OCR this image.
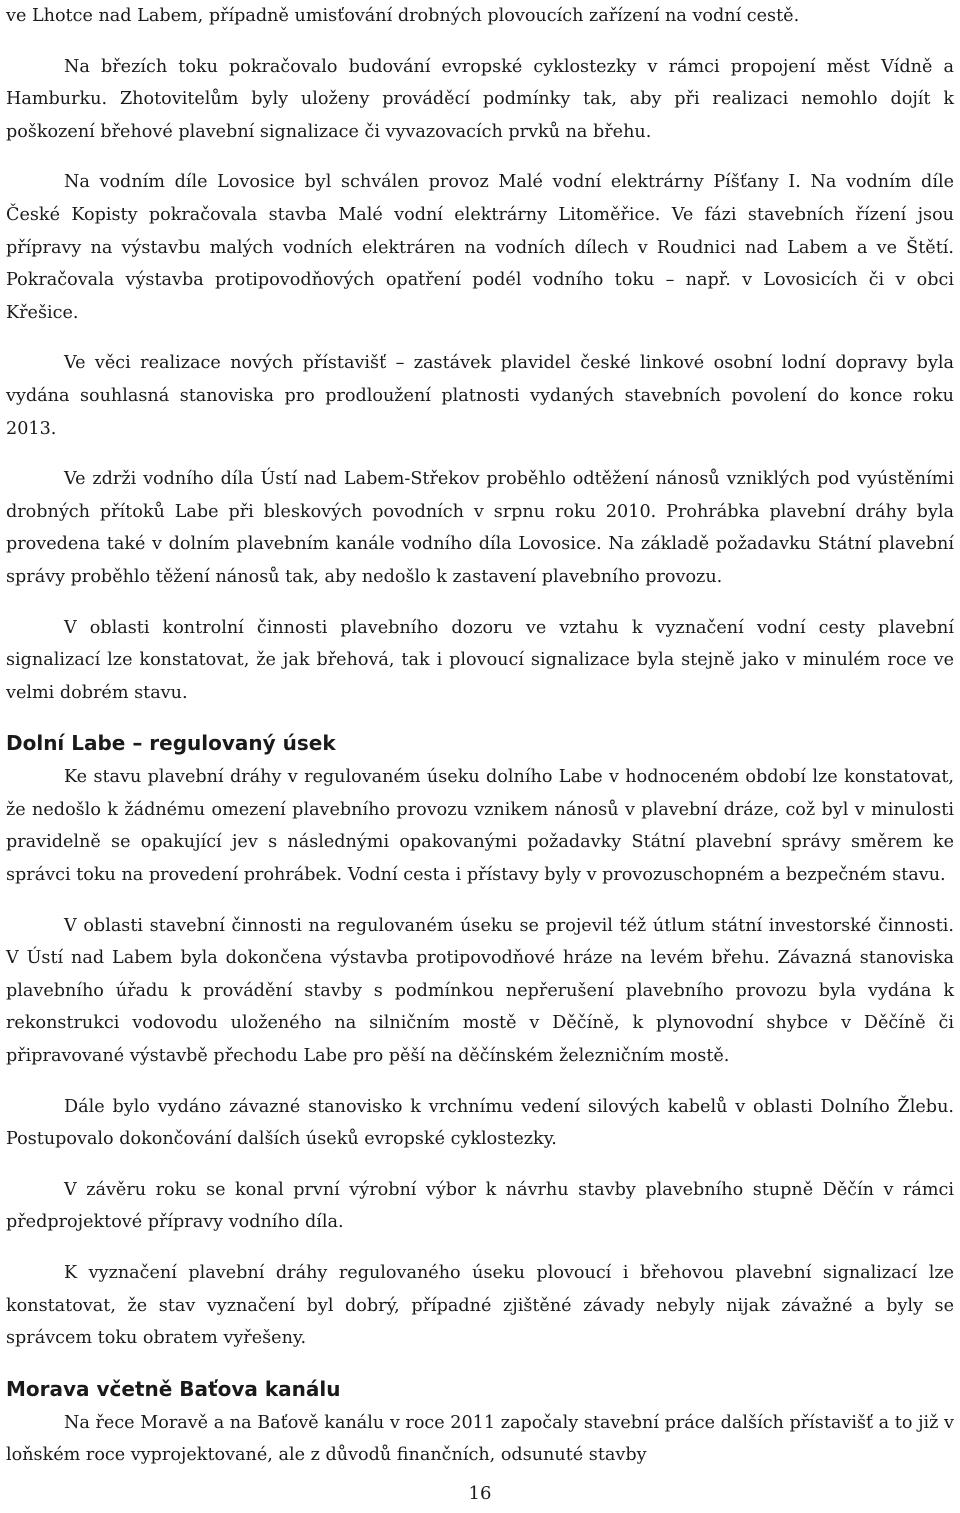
ve Lhotce nad Labem, případně umisťování drobných plovoucích zařízení na vodní cestě.

Na březích toku pokračovalo budování evropské cyklostezky v rámci propojení měst Vídně a Hamburku. Zhotovitelům byly uloženy prováděcí podmínky tak, aby při realizaci nemohlo dojít k poškození břehové plavební signalizace či vyvazovacích prvků na břehu.

Na vodním díle Lovosice byl schválen provoz Malé vodní elektrárny Píšťany I. Na vodním díle České Kopisty pokračovala stavba Malé vodní elektrárny Litoměřice. Ve fázi stavebních řízení jsou přípravy na výstavbu malých vodních elektráren na vodních dílech v Roudnici nad Labem a ve Štětí. Pokračovala výstavba protipovodňových opatření podél vodního toku – např. v Lovosicích či v obci Křešice.

Ve věci realizace nových přístavišť – zastávek plavidel české linkové osobní lodní dopravy byla vydána souhlasná stanoviska pro prodloužení platnosti vydaných stavebních povolení do konce roku 2013.

Ve zdrži vodního díla Ústí nad Labem-Střekov proběhlo odtěžení nánosů vzniklých pod vyústěními drobných přítoků Labe při bleskových povodních v srpnu roku 2010. Prohrábka plavební dráhy byla provedena také v dolním plavebním kanále vodního díla Lovosice. Na základě požadavku Státní plavební správy proběhlo těžení nánosů tak, aby nedošlo k zastavení plavebního provozu.

V oblasti kontrolní činnosti plavebního dozoru ve vztahu k vyznačení vodní cesty plavební signalizací lze konstatovat, že jak břehová, tak i plovoucí signalizace byla stejně jako v minulém roce ve velmi dobrém stavu.

Dolní Labe – regulovaný úsek

Ke stavu plavební dráhy v regulovaném úseku dolního Labe v hodnoceném období lze konstatovat, že nedošlo k žádnému omezení plavebního provozu vznikem nánosů v plavební dráze, což byl v minulosti pravidelně se opakující jev s následnými opakovanými požadavky Státní plavební správy směrem ke správci toku na provedení prohrábek. Vodní cesta i přístavy byly v provozuschopném a bezpečném stavu.

V oblasti stavební činnosti na regulovaném úseku se projevil též útlum státní investorské činnosti. V Ústí nad Labem byla dokončena výstavba protipovodňové hráze na levém břehu. Závazná stanoviska plavebního úřadu k provádění stavby s podmínkou nepřerušení plavebního provozu byla vydána k rekonstrukci vodovodu uloženého na silničním mostě v Děčíně, k plynovodní shybce v Děčíně či připravované výstavbě přechodu Labe pro pěší na děčínském železničním mostě.

Dále bylo vydáno závazné stanovisko k vrchnímu vedení silových kabelů v oblasti Dolního Žlebu. Postupovalo dokončování dalších úseků evropské cyklostezky.

V závěru roku se konal první výrobní výbor k návrhu stavby plavebního stupně Děčín v rámci předprojektové přípravy vodního díla.

K vyznačení plavební dráhy regulovaného úseku plovoucí i břehovou plavební signalizací lze konstatovat, že stav vyznačení byl dobrý, případné zjištěné závady nebyly nijak závažné a byly se správcem toku obratem vyřešeny.

Morava včetně Baťova kanálu

Na řece Moravě a na Baťově kanálu v roce 2011 započaly stavební práce dalších přístavišť a to již v loňském roce vyprojektované, ale z důvodů finančních, odsunuté stavby

16
